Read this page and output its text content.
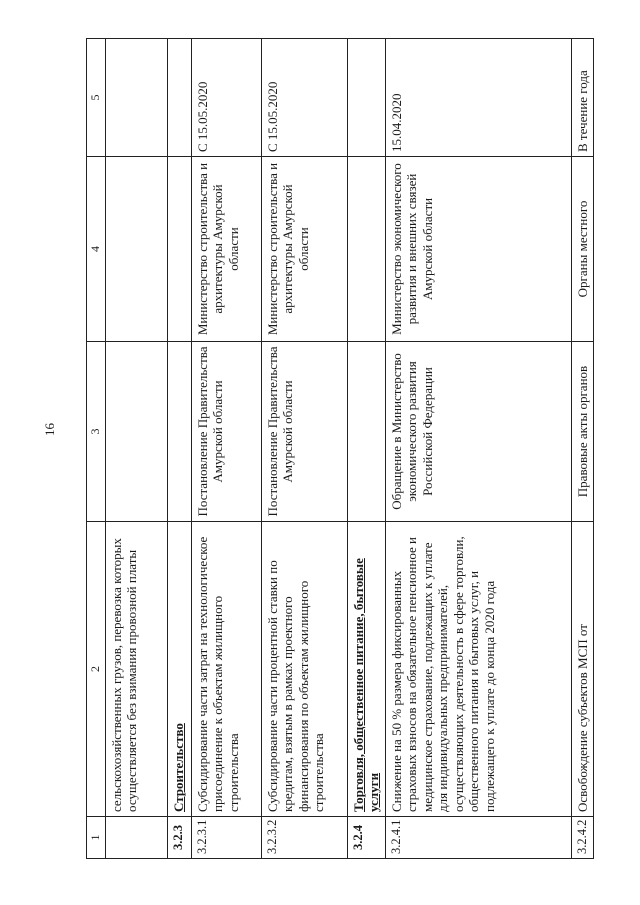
16
1	2	3	4	5
	сельскохозяйственных грузов, перевозка которых осуществляется без взимания провозной платы			
3.2.3	Строительство			
3.2.3.1	Субсидирование части затрат на технологическое присоединение к объектам жилищного строительства	Постановление Правительства Амурской области	Министерство строительства и архитектуры Амурской области	С 15.05.2020
3.2.3.2	Субсидирование части процентной ставки по кредитам, взятым в рамках проектного финансирования по объектам жилищного строительства	Постановление Правительства Амурской области	Министерство строительства и архитектуры Амурской области	С 15.05.2020
3.2.4	Торговля, общественное питание, бытовые услуги			
3.2.4.1	Снижение на 50 % размера фиксированных страховых взносов на обязательное пенсионное и медицинское страхование, подлежащих к уплате для индивидуальных предпринимателей, осуществляющих деятельность в сфере торговли, общественного питания и бытовых услуг, и подлежащего к уплате до конца 2020 года	Обращение в Министерство экономического развития Российской Федерации	Министерство экономического развития и внешних связей Амурской области	15.04.2020
3.2.4.2	Освобождение субъектов МСП от	Правовые акты органов	Органы местного	В течение года
